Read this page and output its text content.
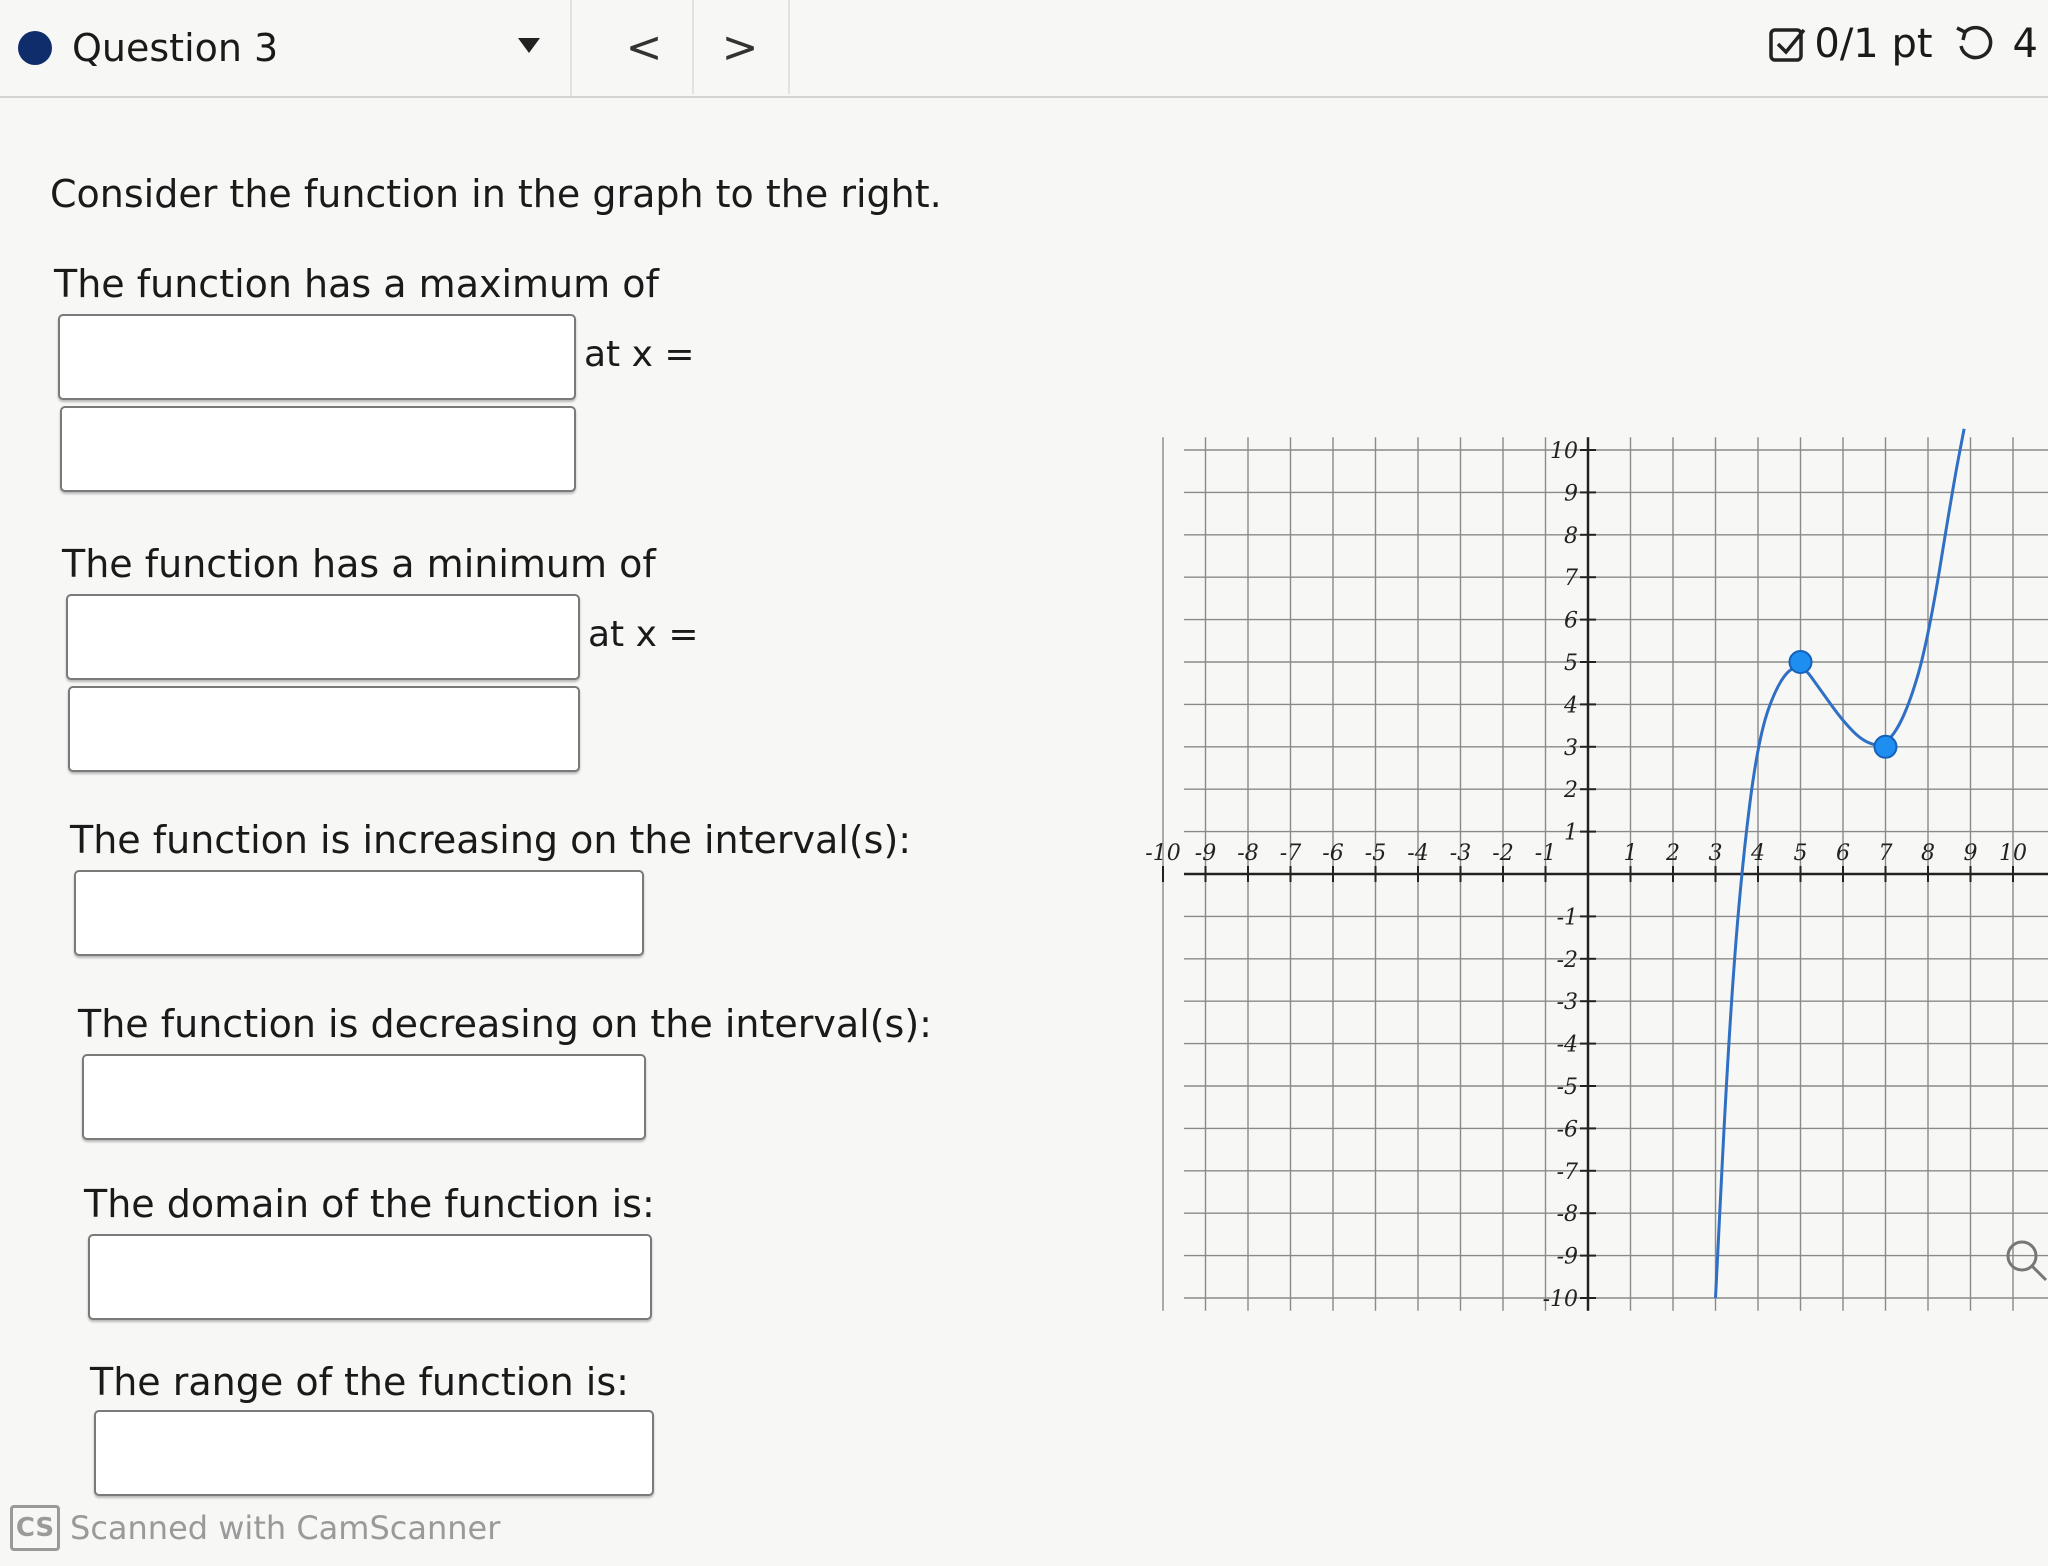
Question 3	< >	0/1 pt 4
Consider the function in the graph to the right.
The function has a maximum of
at x =
The function has a minimum of
at x =
The function is increasing on the interval(s):
The function is decreasing on the interval(s):
The domain of the function is:
The range of the function is:
-10 -9 -8 -7 -6 -5 -4 -3 -2 -1	1 2 3 4 5 6 7 8 9 10
10
9
8
7
6
5
4
3
2
1
-1
-2
-3
-4
-5
-6
-7
-8
-9
-10
CS Scanned with CamScanner
